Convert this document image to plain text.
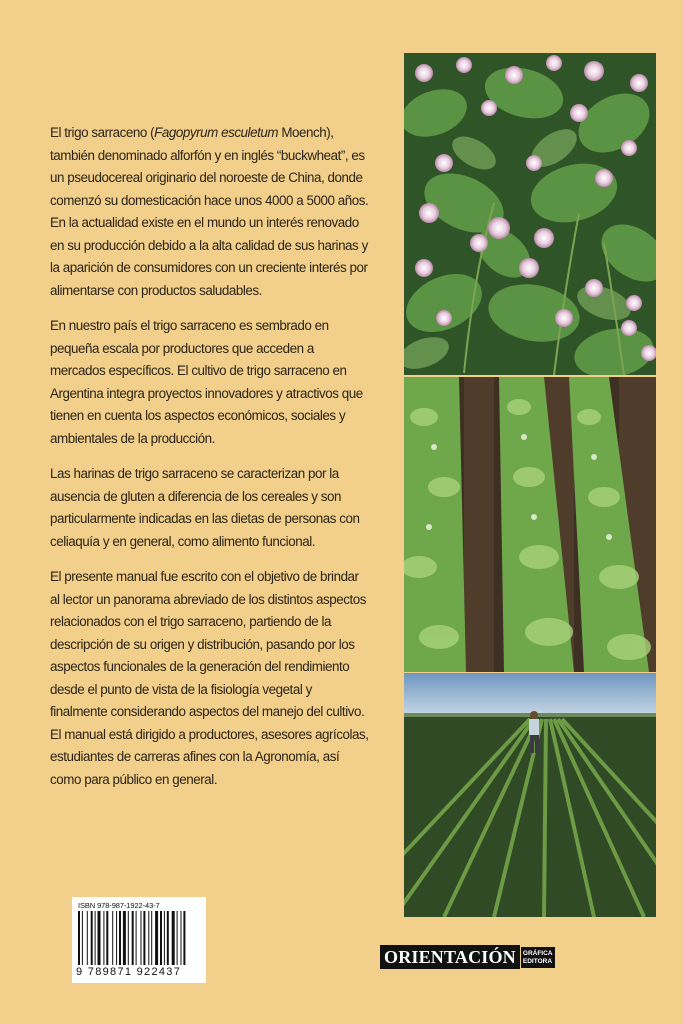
El trigo sarraceno (Fagopyrum esculetum Moench), también denominado alforfón y en inglés “buckwheat”, es un pseudocereal originario del noroeste de China, donde comenzó su domesticación hace unos 4000 a 5000 años. En la actualidad existe en el mundo un interés renovado en su producción debido a la alta calidad de sus harinas y la aparición de consumidores con un creciente interés por alimentarse con productos saludables.

En nuestro país el trigo sarraceno es sembrado en pequeña escala por productores que acceden a mercados específicos. El cultivo de trigo sarraceno en Argentina integra proyectos innovadores y atractivos que tienen en cuenta los aspectos económicos, sociales y ambientales de la producción.

Las harinas de trigo sarraceno se caracterizan por la ausencia de gluten a diferencia de los cereales y son particularmente indicadas en las dietas de personas con celiaquía y en general, como alimento funcional.

El presente manual fue escrito con el objetivo de brindar al lector un panorama abreviado de los distintos aspectos relacionados con el trigo sarraceno, partiendo de la descripción de su origen y distribución, pasando por los aspectos funcionales de la generación del rendimiento desde el punto de vista de la fisiología vegetal y finalmente considerando aspectos del manejo del cultivo. El manual está dirigido a productores, asesores agrícolas, estudiantes de carreras afines con la Agronomía, así como para público en general.

ISBN 978-987-1922-43-7
9 789871 922437
ORIENTACIÓN	GRÁFICA
EDITORA
